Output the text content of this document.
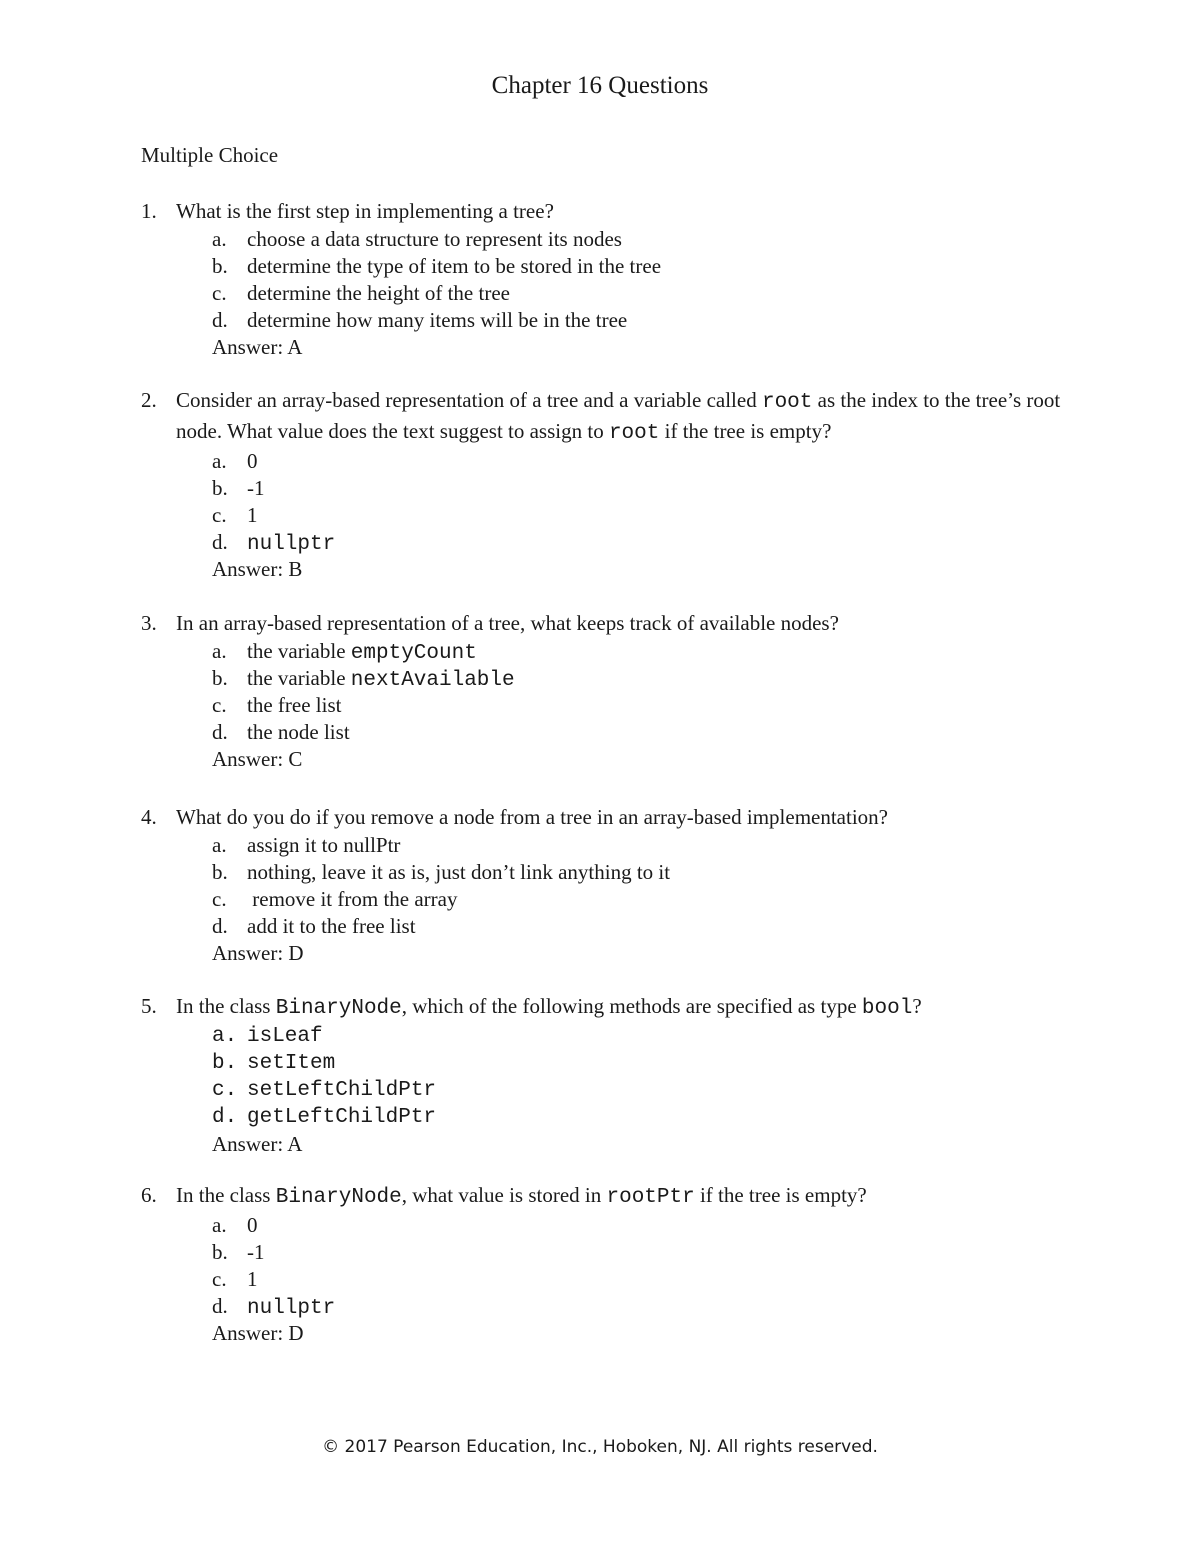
Chapter 16 Questions
Multiple Choice
1. What is the first step in implementing a tree?
a. choose a data structure to represent its nodes
b. determine the type of item to be stored in the tree
c. determine the height of the tree
d. determine how many items will be in the tree
Answer: A
2. Consider an array-based representation of a tree and a variable called root as the index to the tree’s root node. What value does the text suggest to assign to root if the tree is empty?
a. 0
b. -1
c. 1
d. nullptr
Answer: B
3. In an array-based representation of a tree, what keeps track of available nodes?
a. the variable emptyCount
b. the variable nextAvailable
c. the free list
d. the node list
Answer: C
4. What do you do if you remove a node from a tree in an array-based implementation?
a. assign it to nullPtr
b. nothing, leave it as is, just don’t link anything to it
c. remove it from the array
d. add it to the free list
Answer: D
5. In the class BinaryNode, which of the following methods are specified as type bool?
a. isLeaf
b. setItem
c. setLeftChildPtr
d. getLeftChildPtr
Answer: A
6. In the class BinaryNode, what value is stored in rootPtr if the tree is empty?
a. 0
b. -1
c. 1
d. nullptr
Answer: D
© 2017 Pearson Education, Inc., Hoboken, NJ. All rights reserved.
